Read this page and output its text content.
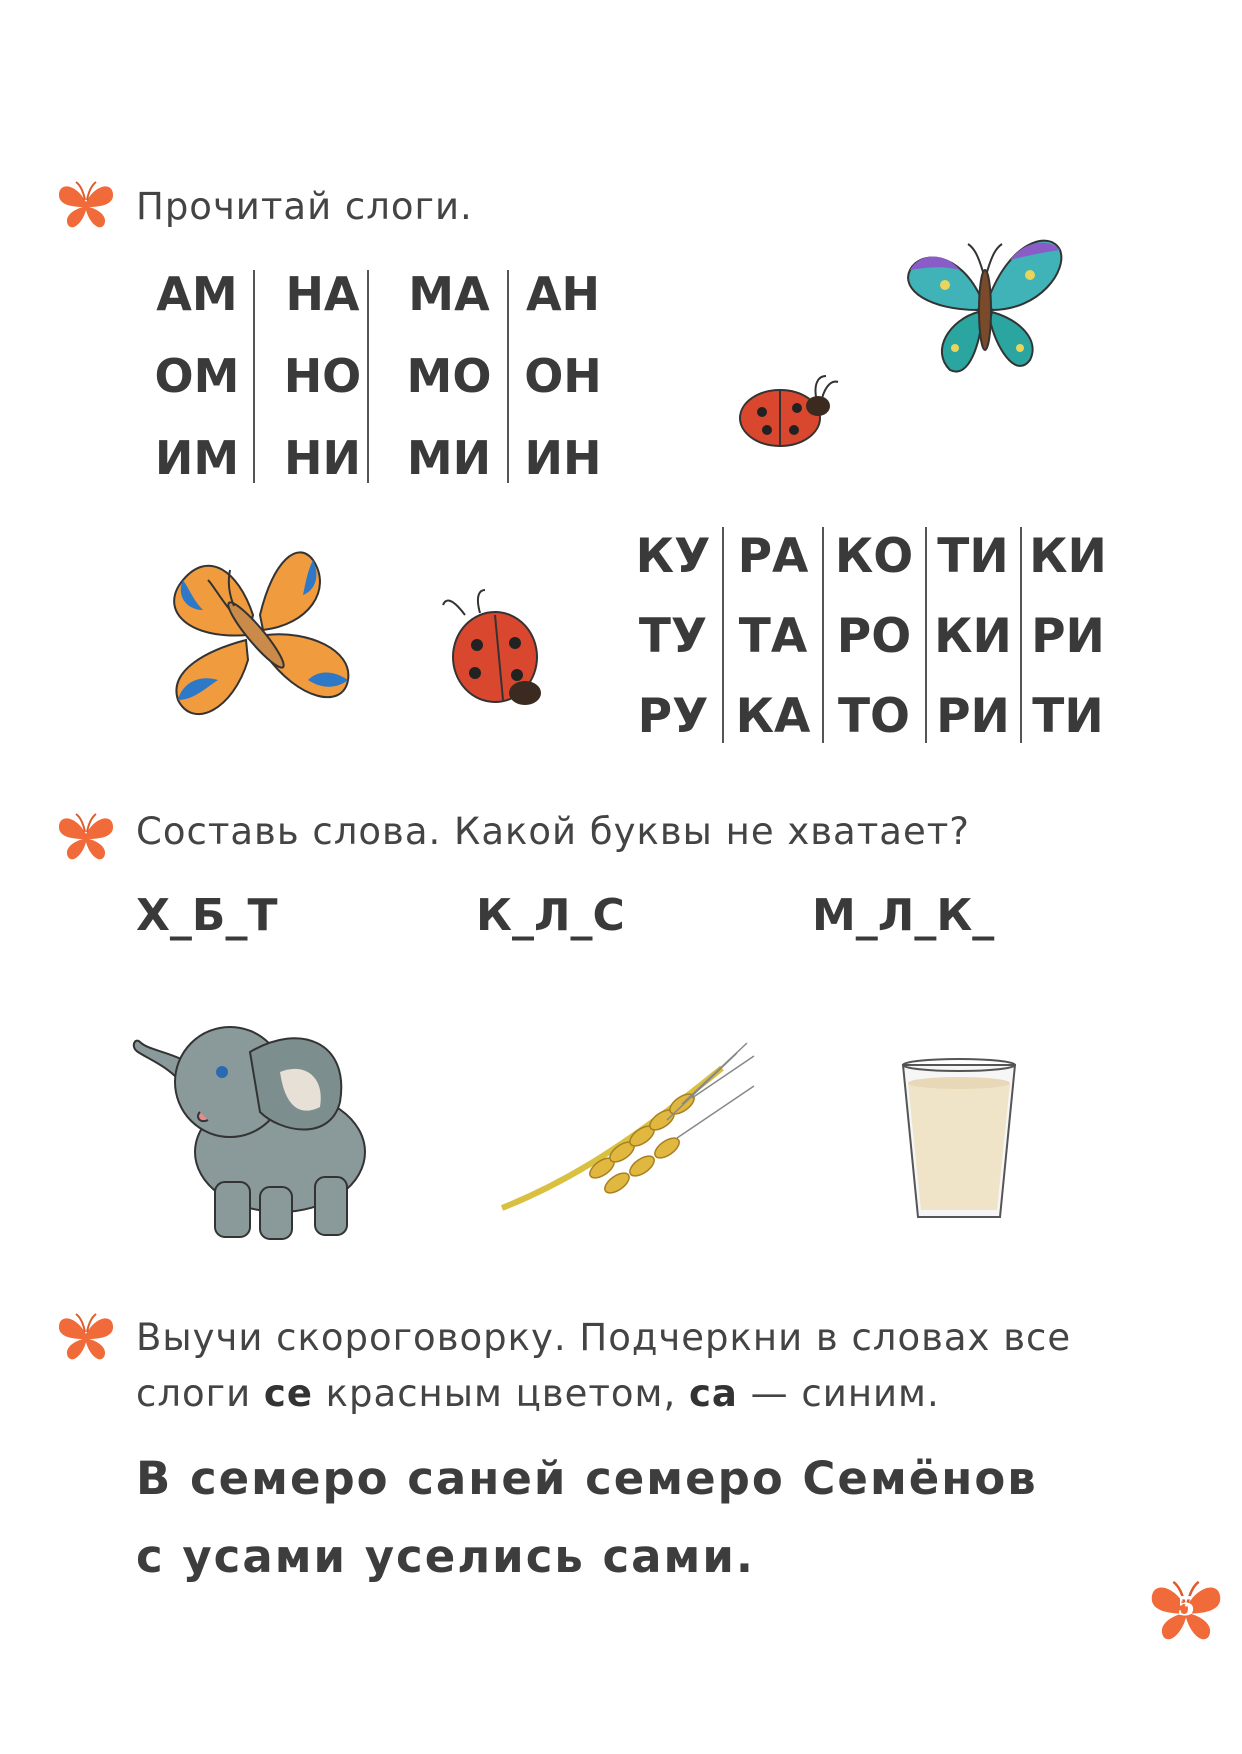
Прочитай слоги.
АМ	НА	МА АН
ОМ НО МО ОН
ИМ НИ МИ ИН
КУ РА КО ТИ КИ
ТУ ТА РО КИ РИ
РУ КА ТО РИ ТИ
Составь слова. Какой буквы не хватает?
Х_Б_Т	К_Л_С	М_Л_К_
Выучи скороговорку. Подчеркни в словах все
слоги се красным цветом, са — синим.
В семеро саней семеро Семёнов
с усами уселись сами.
5
